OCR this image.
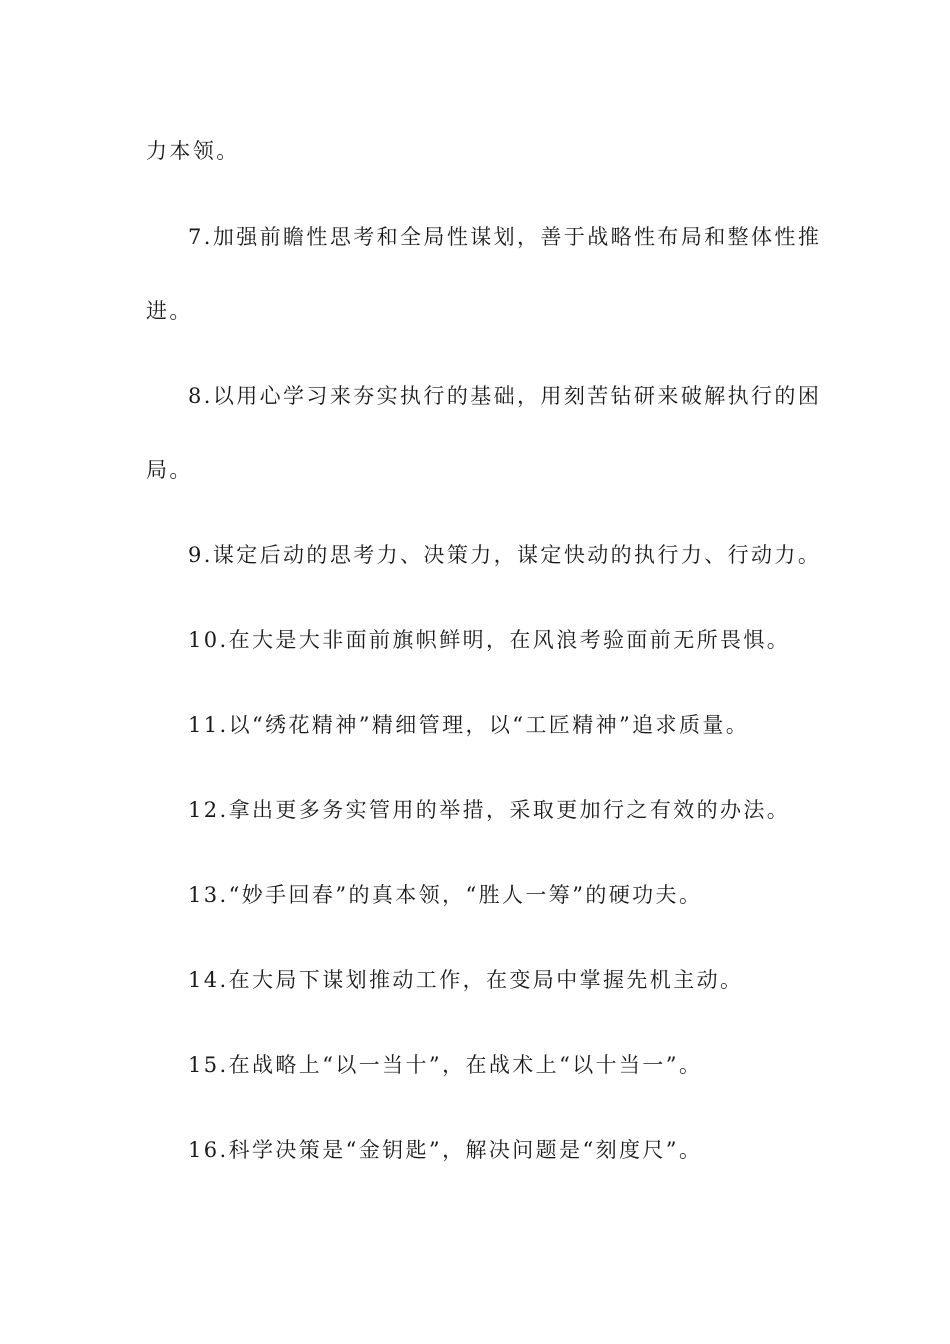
力本领。
7.加强前瞻性思考和全局性谋划，善于战略性布局和整体性推
进。
8.以用心学习来夯实执行的基础，用刻苦钻研来破解执行的困
局。
9.谋定后动的思考力、决策力，谋定快动的执行力、行动力。
10.在大是大非面前旗帜鲜明，在风浪考验面前无所畏惧。
11.以“绣花精神”精细管理，以“工匠精神”追求质量。
12.拿出更多务实管用的举措，采取更加行之有效的办法。
13.“妙手回春”的真本领，“胜人一筹”的硬功夫。
14.在大局下谋划推动工作，在变局中掌握先机主动。
15.在战略上“以一当十”，在战术上“以十当一”。
16.科学决策是“金钥匙”，解决问题是“刻度尺”。
